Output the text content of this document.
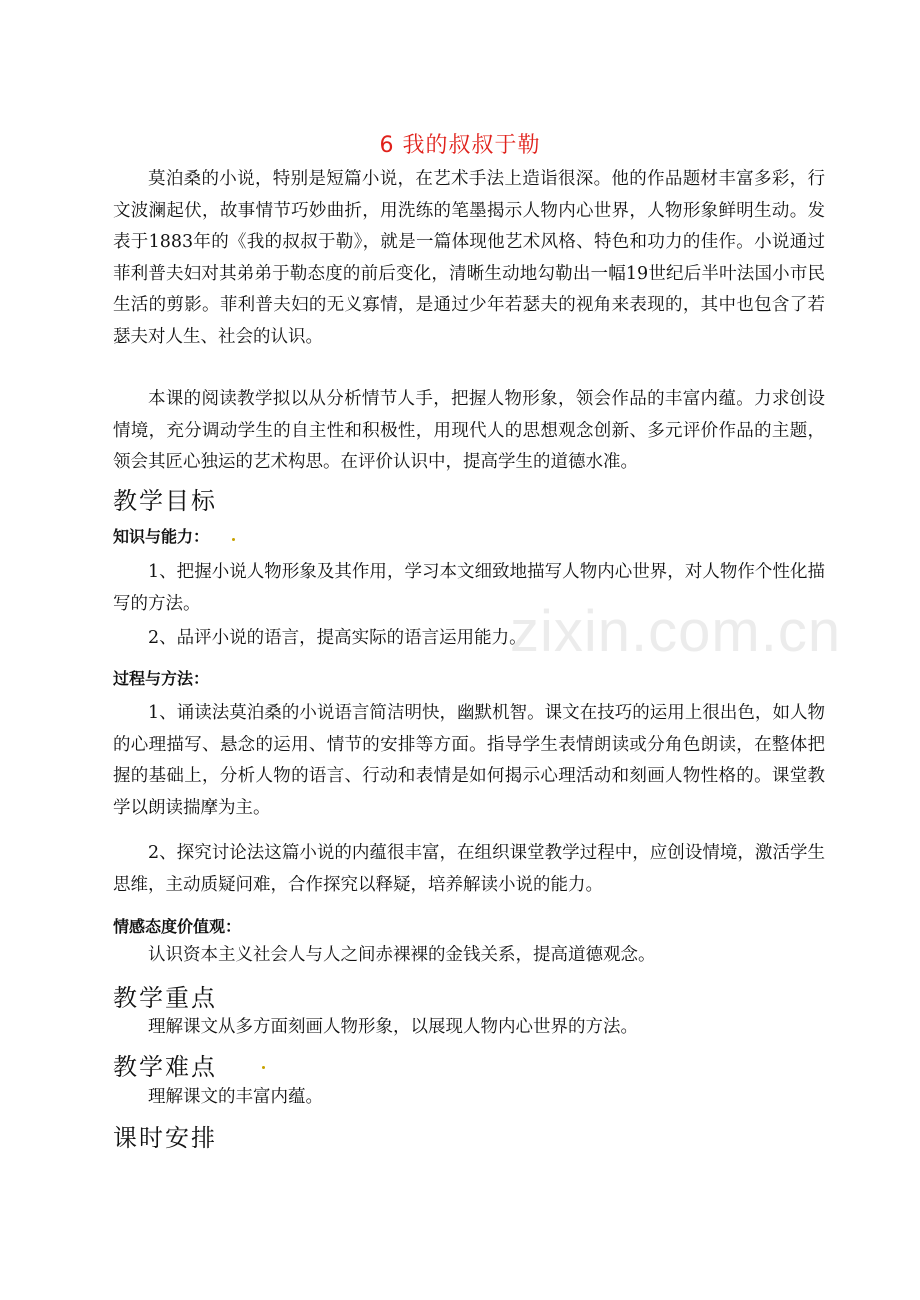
zixin.com.cn
6 我的叔叔于勒
莫泊桑的小说，特别是短篇小说，在艺术手法上造诣很深。他的作品题材丰富多彩，行文波澜起伏，故事情节巧妙曲折，用洗练的笔墨揭示人物内心世界，人物形象鲜明生动。发表于1883年的《我的叔叔于勒》，就是一篇体现他艺术风格、特色和功力的佳作。小说通过菲利普夫妇对其弟弟于勒态度的前后变化，清晰生动地勾勒出一幅19世纪后半叶法国小市民生活的剪影。菲利普夫妇的无义寡情，是通过少年若瑟夫的视角来表现的，其中也包含了若瑟夫对人生、社会的认识。
本课的阅读教学拟以从分析情节人手，把握人物形象，领会作品的丰富内蕴。力求创设情境，充分调动学生的自主性和积极性，用现代人的思想观念创新、多元评价作品的主题，领会其匠心独运的艺术构思。在评价认识中，提高学生的道德水准。
教学目标
知识与能力：
1、把握小说人物形象及其作用，学习本文细致地描写人物内心世界，对人物作个性化描写的方法。
2、品评小说的语言，提高实际的语言运用能力。
过程与方法：
1、诵读法莫泊桑的小说语言简洁明快，幽默机智。课文在技巧的运用上很出色，如人物的心理描写、悬念的运用、情节的安排等方面。指导学生表情朗读或分角色朗读，在整体把握的基础上，分析人物的语言、行动和表情是如何揭示心理活动和刻画人物性格的。课堂教学以朗读揣摩为主。
2、探究讨论法这篇小说的内蕴很丰富，在组织课堂教学过程中，应创设情境，激活学生思维，主动质疑问难，合作探究以释疑，培养解读小说的能力。
情感态度价值观：
认识资本主义社会人与人之间赤裸裸的金钱关系，提高道德观念。
教学重点
理解课文从多方面刻画人物形象，以展现人物内心世界的方法。
教学难点
理解课文的丰富内蕴。
课时安排
